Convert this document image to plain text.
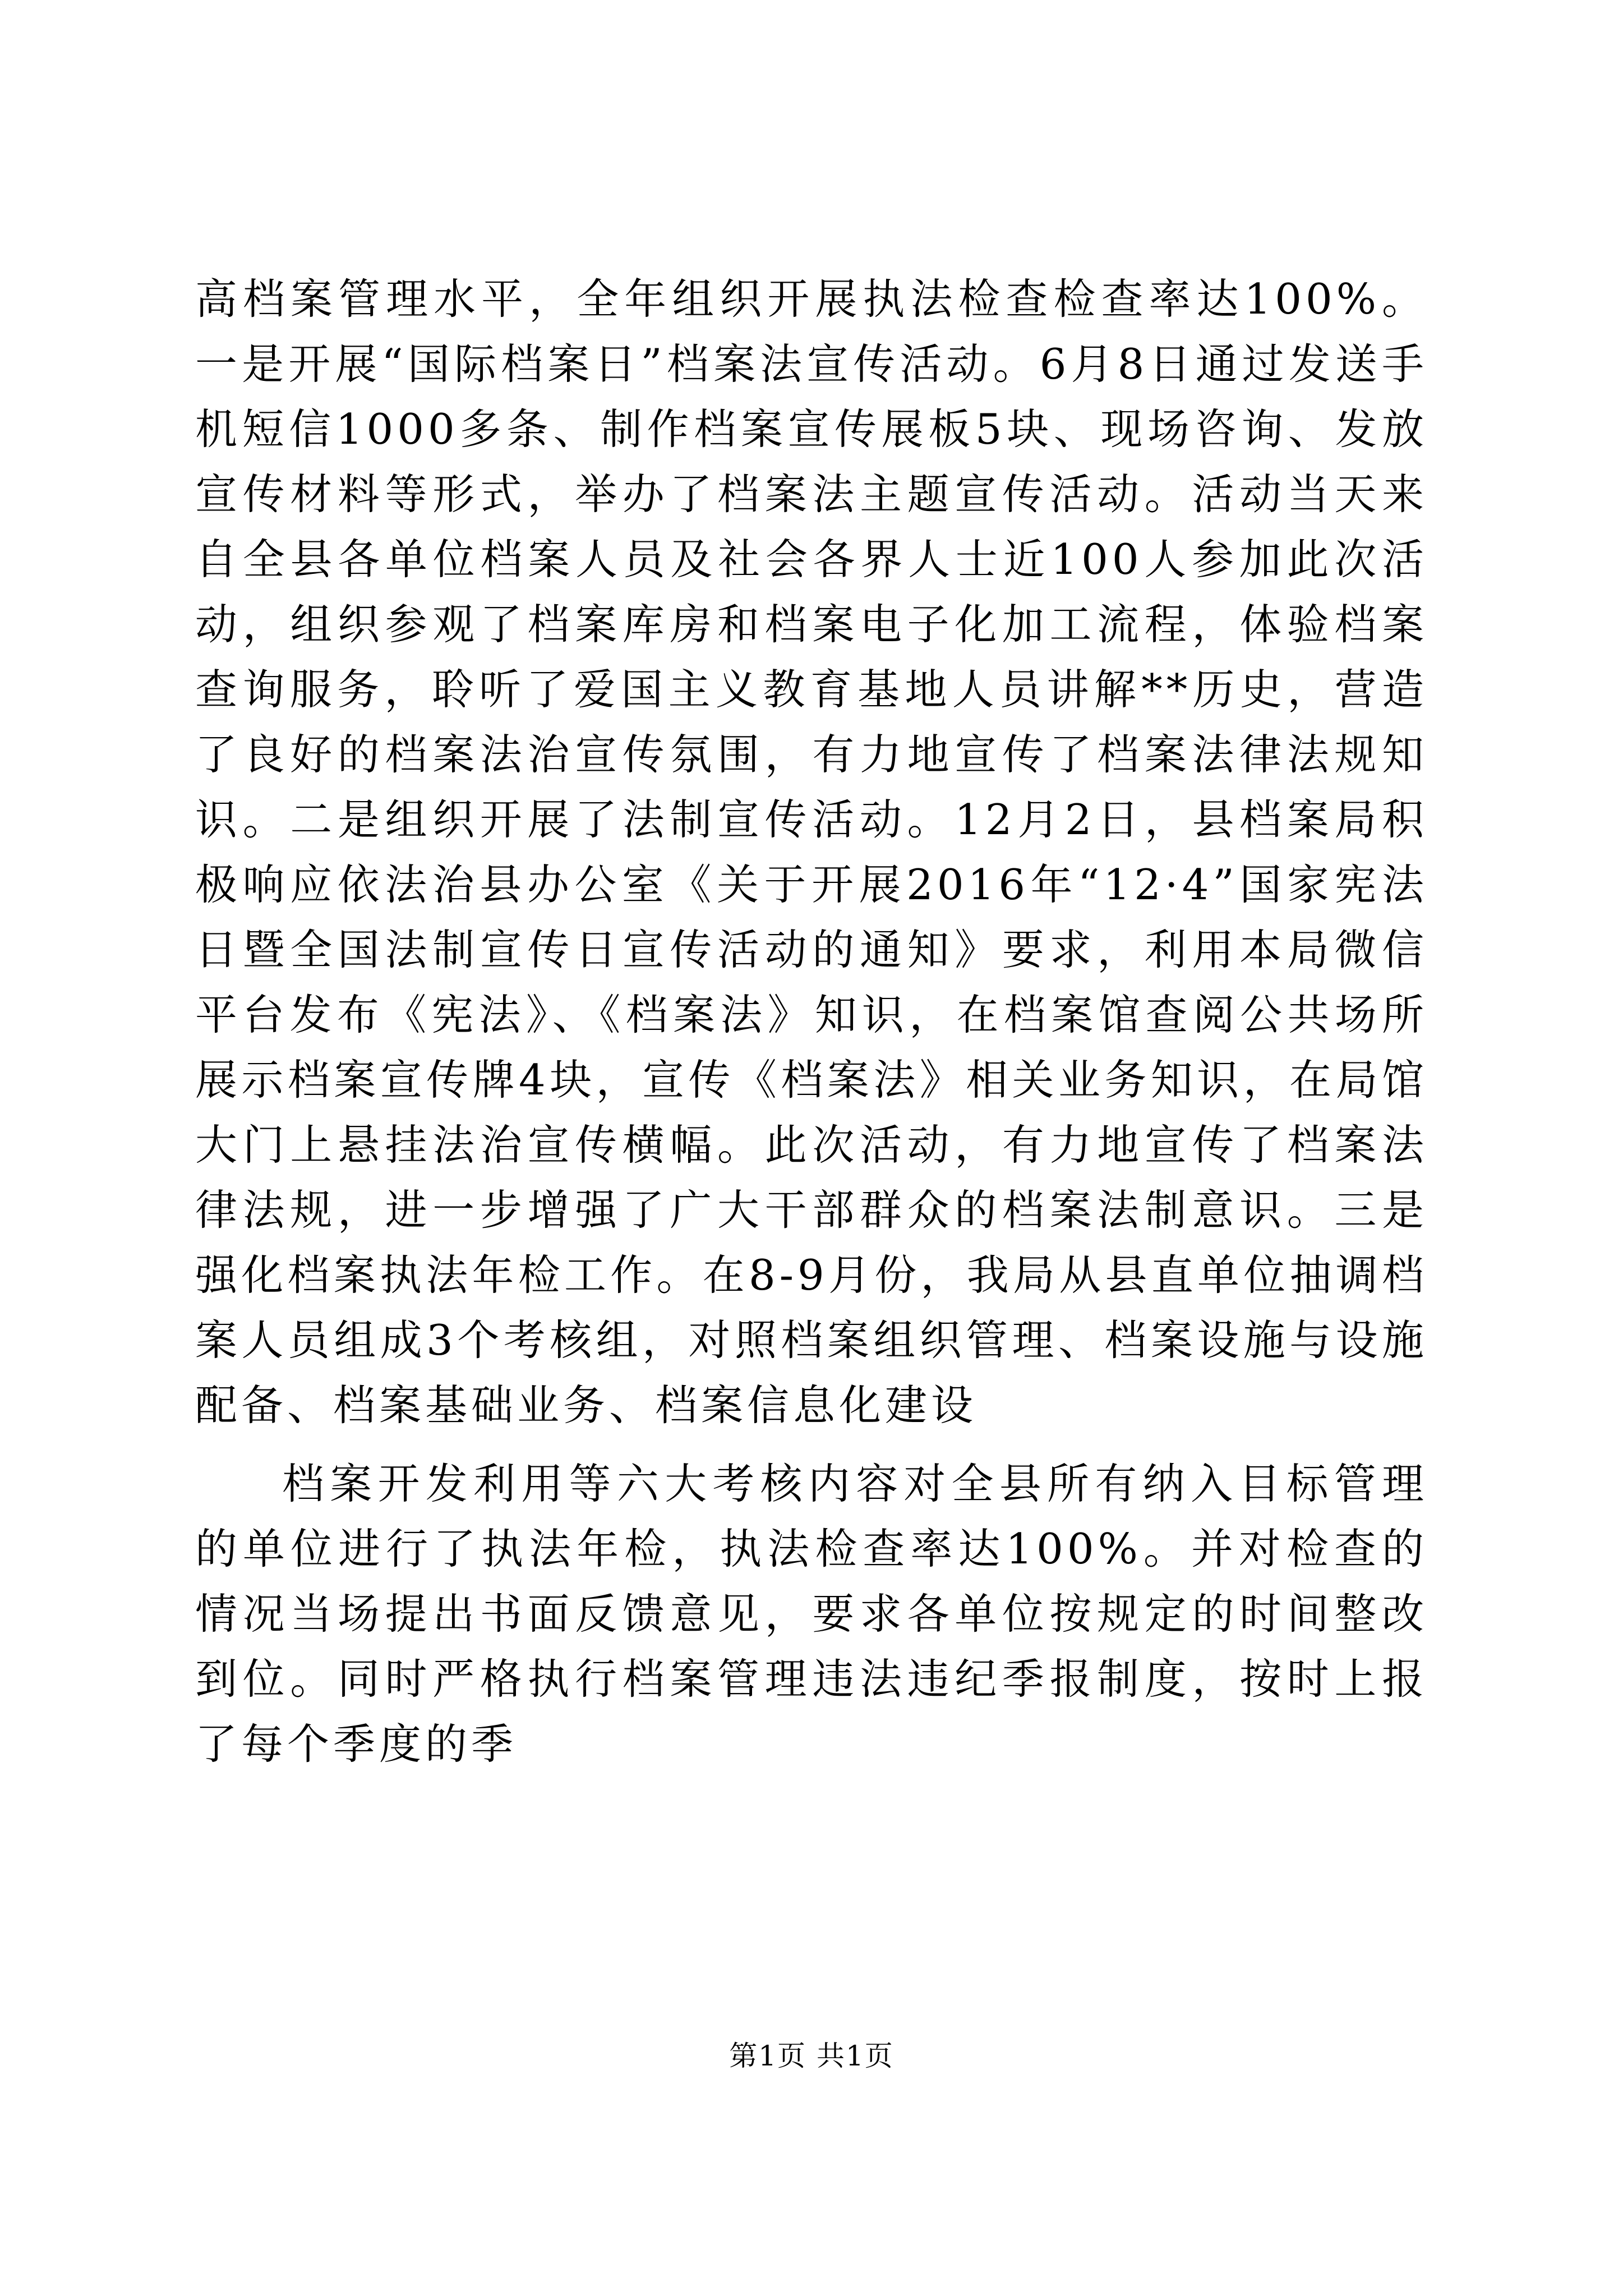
高档案管理水平，全年组织开展执法检查检查率达100%。一是开展“国际档案日”档案法宣传活动。6月8日通过发送手机短信1000多条、制作档案宣传展板5块、现场咨询、发放宣传材料等形式，举办了档案法主题宣传活动。活动当天来自全县各单位档案人员及社会各界人士近100人参加此次活动，组织参观了档案库房和档案电子化加工流程，体验档案查询服务，聆听了爱国主义教育基地人员讲解**历史，营造了良好的档案法治宣传氛围，有力地宣传了档案法律法规知识。二是组织开展了法制宣传活动。12月2日，县档案局积极响应依法治县办公室《关于开展2016年“12·4”国家宪法日暨全国法制宣传日宣传活动的通知》要求，利用本局微信平台发布《宪法》、《档案法》知识，在档案馆查阅公共场所展示档案宣传牌4块，宣传《档案法》相关业务知识，在局馆大门上悬挂法治宣传横幅。此次活动，有力地宣传了档案法律法规，进一步增强了广大干部群众的档案法制意识。三是强化档案执法年检工作。在8-9月份，我局从县直单位抽调档案人员组成3个考核组，对照档案组织管理、档案设施与设施配备、档案基础业务、档案信息化建设

档案开发利用等六大考核内容对全县所有纳入目标管理的单位进行了执法年检，执法检查率达100%。并对检查的情况当场提出书面反馈意见，要求各单位按规定的时间整改到位。同时严格执行档案管理违法违纪季报制度，按时上报了每个季度的季

第1页 共1页
